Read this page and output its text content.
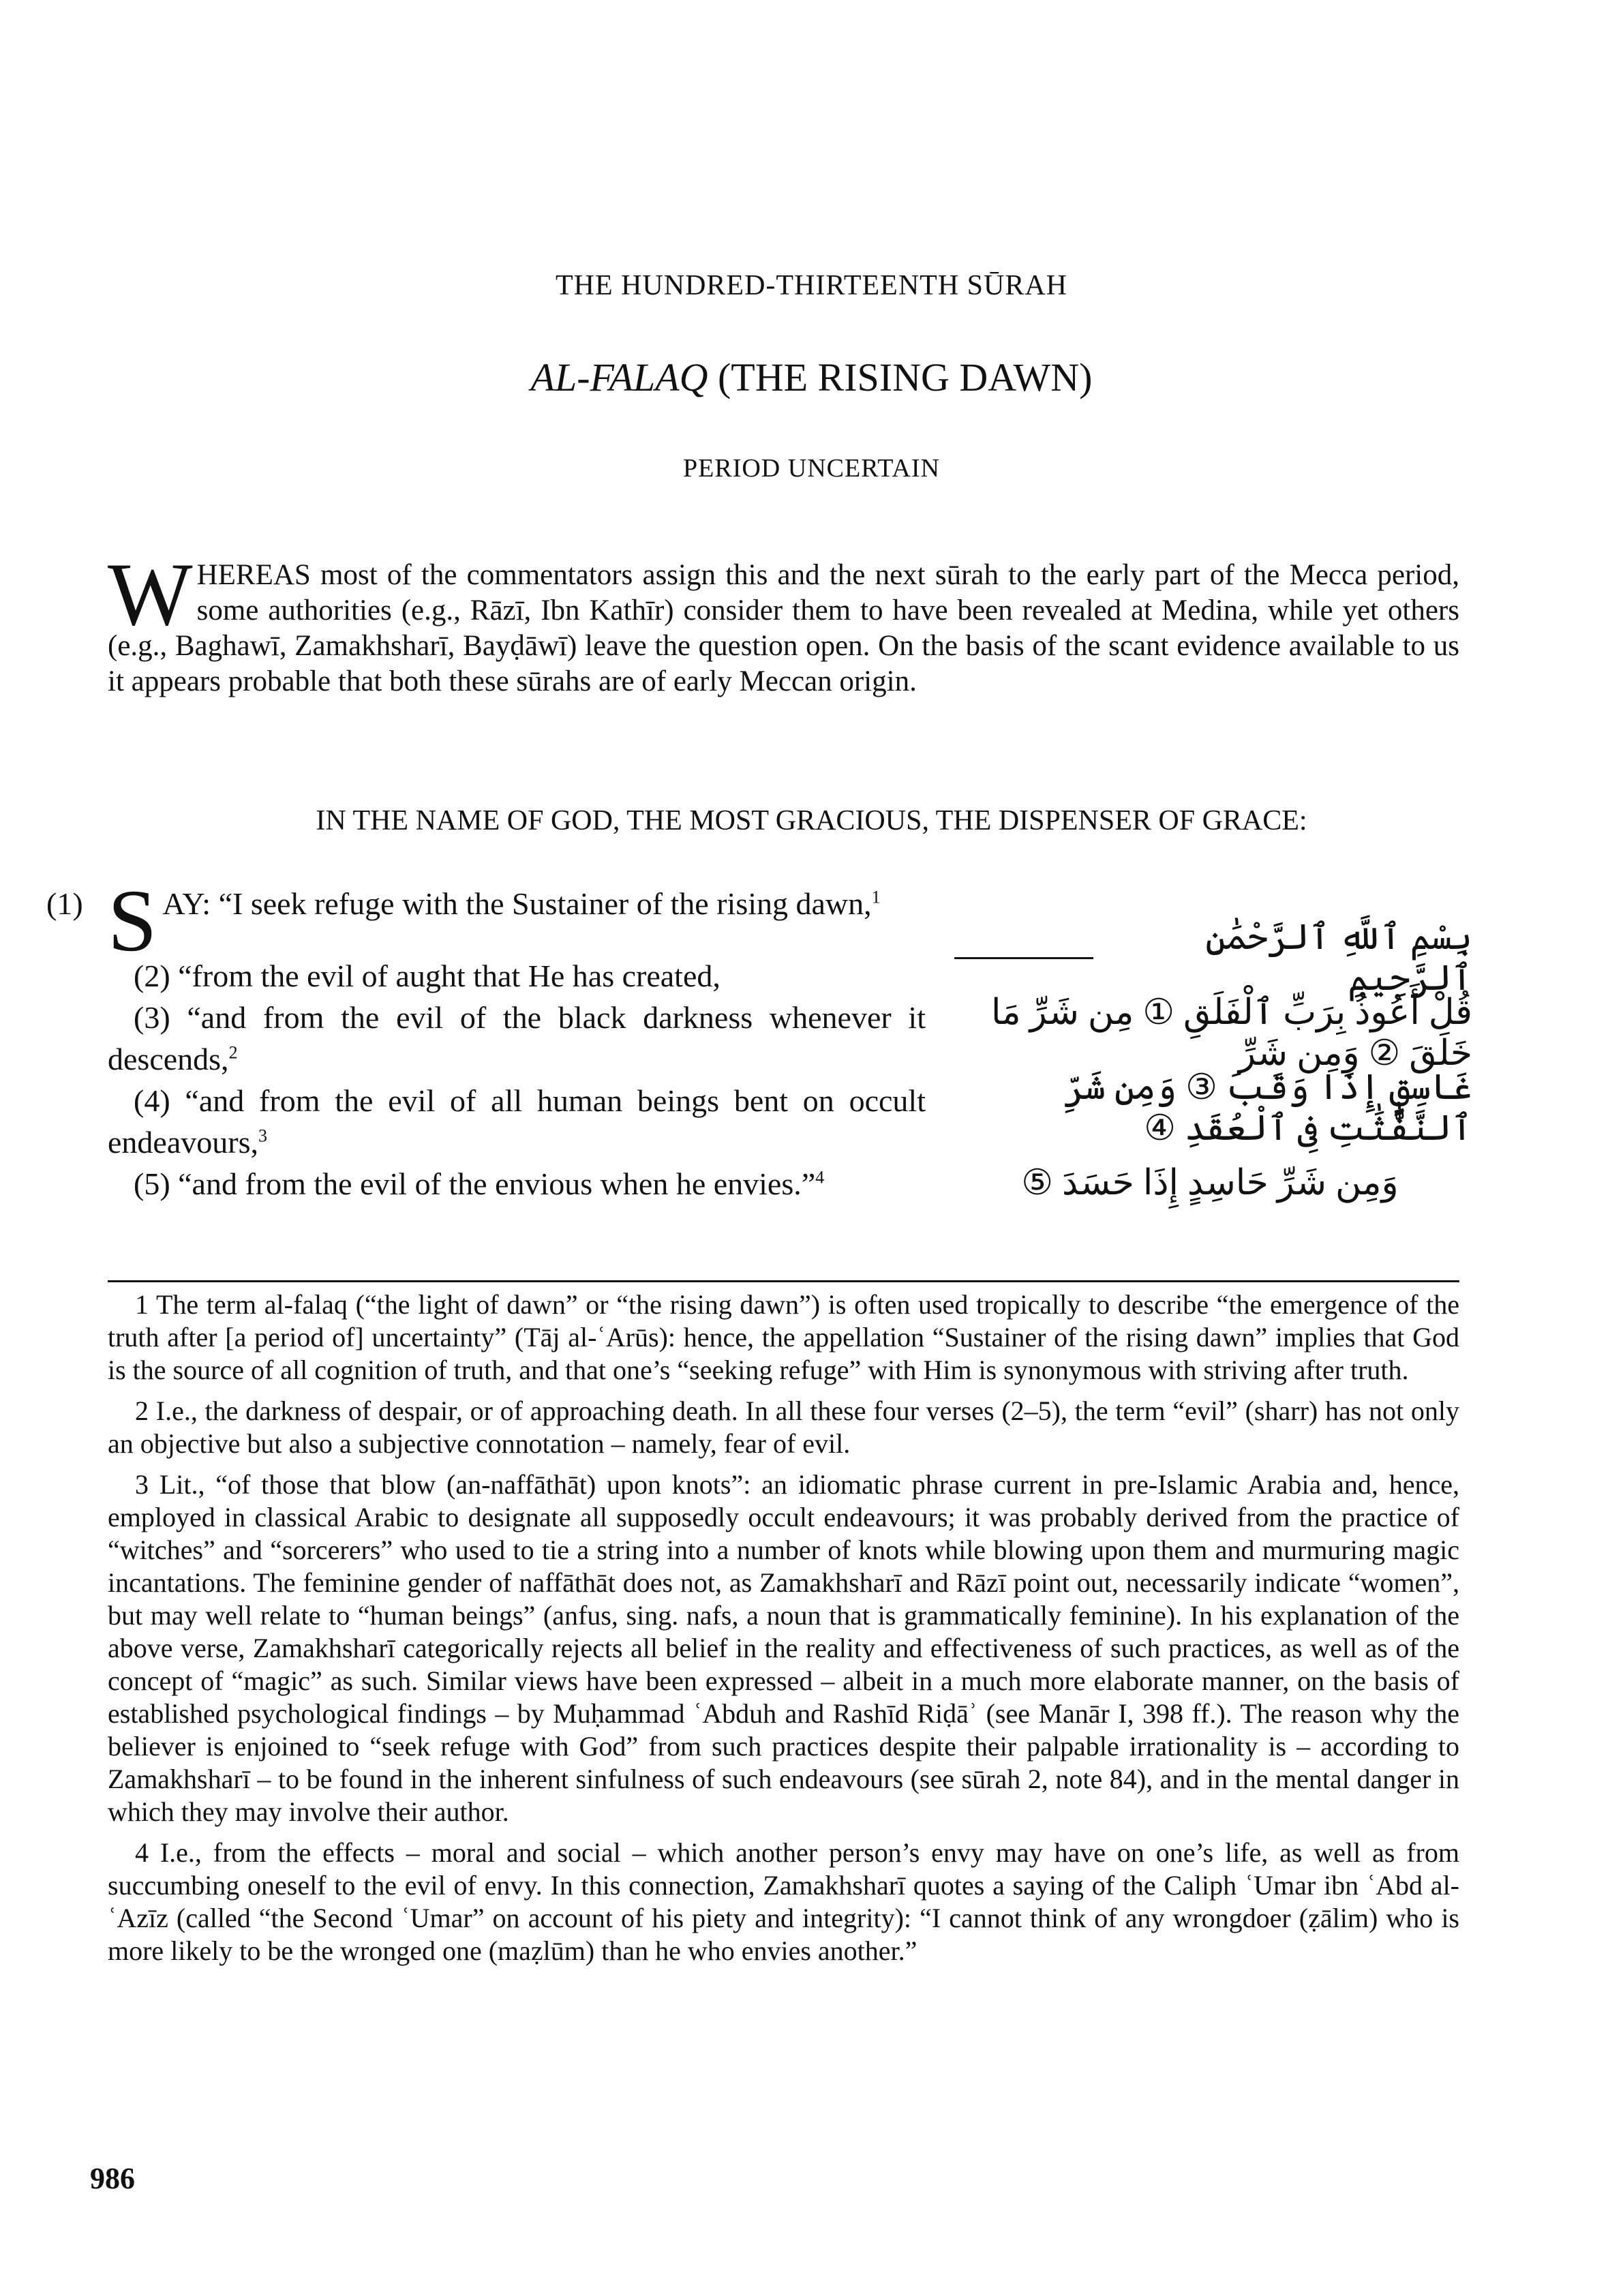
THE HUNDRED-THIRTEENTH SŪRAH
AL-FALAQ (THE RISING DAWN)
PERIOD UNCERTAIN
W HEREAS most of the commentators assign this and the next sūrah to the early part of the Mecca period, some authorities (e.g., Rāzī, Ibn Kathīr) consider them to have been revealed at Medina, while yet others (e.g., Baghawī, Zamakhsharī, Bayḍāwī) leave the question open. On the basis of the scant evidence available to us it appears probable that both these sūrahs are of early Meccan origin.
IN THE NAME OF GOD, THE MOST GRACIOUS, THE DISPENSER OF GRACE:
(1) SAY: “I seek refuge with the Sustainer of the rising dawn,$^1$

(2) “from the evil of aught that He has created,

(3) “and from the evil of the black darkness whenever it descends,$^2$

(4) “and from the evil of all human beings bent on occult endeavours,$^3$

(5) “and from the evil of the envious when he envies.”$^4$

بِسْمِ ٱللَّهِ ٱلرَّحْمَٰنِ ٱلرَّحِيمِ
قُلْ أَعُوذُ بِرَبِّ ٱلْفَلَقِ ① مِن شَرِّ مَا خَلَقَ ② وَمِن شَرِّ
غَاسِقٍ إِذَا وَقَبَ ③ وَمِن شَرِّ ٱلنَّفَّٰثَٰتِ فِى ٱلْعُقَدِ ④
وَمِن شَرِّ حَاسِدٍ إِذَا حَسَدَ ⑤

1 The term al-falaq (“the light of dawn” or “the rising dawn”) is often used tropically to describe “the emergence of the truth after [a period of] uncertainty” (Tāj al-ʿArūs): hence, the appellation “Sustainer of the rising dawn” implies that God is the source of all cognition of truth, and that one’s “seeking refuge” with Him is synonymous with striving after truth.

2 I.e., the darkness of despair, or of approaching death. In all these four verses (2–5), the term “evil” (sharr) has not only an objective but also a subjective connotation – namely, fear of evil.

3 Lit., “of those that blow (an-naffāthāt) upon knots”: an idiomatic phrase current in pre-Islamic Arabia and, hence, employed in classical Arabic to designate all supposedly occult endeavours; it was probably derived from the practice of “witches” and “sorcerers” who used to tie a string into a number of knots while blowing upon them and murmuring magic incantations. The feminine gender of naffāthāt does not, as Zamakhsharī and Rāzī point out, necessarily indicate “women”, but may well relate to “human beings” (anfus, sing. nafs, a noun that is grammatically feminine). In his explanation of the above verse, Zamakhsharī categorically rejects all belief in the reality and effectiveness of such practices, as well as of the concept of “magic” as such. Similar views have been expressed – albeit in a much more elaborate manner, on the basis of established psychological findings – by Muḥammad ʿAbduh and Rashīd Riḍāʾ (see Manār I, 398 ff.). The reason why the believer is enjoined to “seek refuge with God” from such practices despite their palpable irrationality is – according to Zamakhsharī – to be found in the inherent sinfulness of such endeavours (see sūrah 2, note 84), and in the mental danger in which they may involve their author.

4 I.e., from the effects – moral and social – which another person’s envy may have on one’s life, as well as from succumbing oneself to the evil of envy. In this connection, Zamakhsharī quotes a saying of the Caliph ʿUmar ibn ʿAbd al-ʿAzīz (called “the Second ʿUmar” on account of his piety and integrity): “I cannot think of any wrongdoer (ẓālim) who is more likely to be the wronged one (maẓlūm) than he who envies another.”

986
